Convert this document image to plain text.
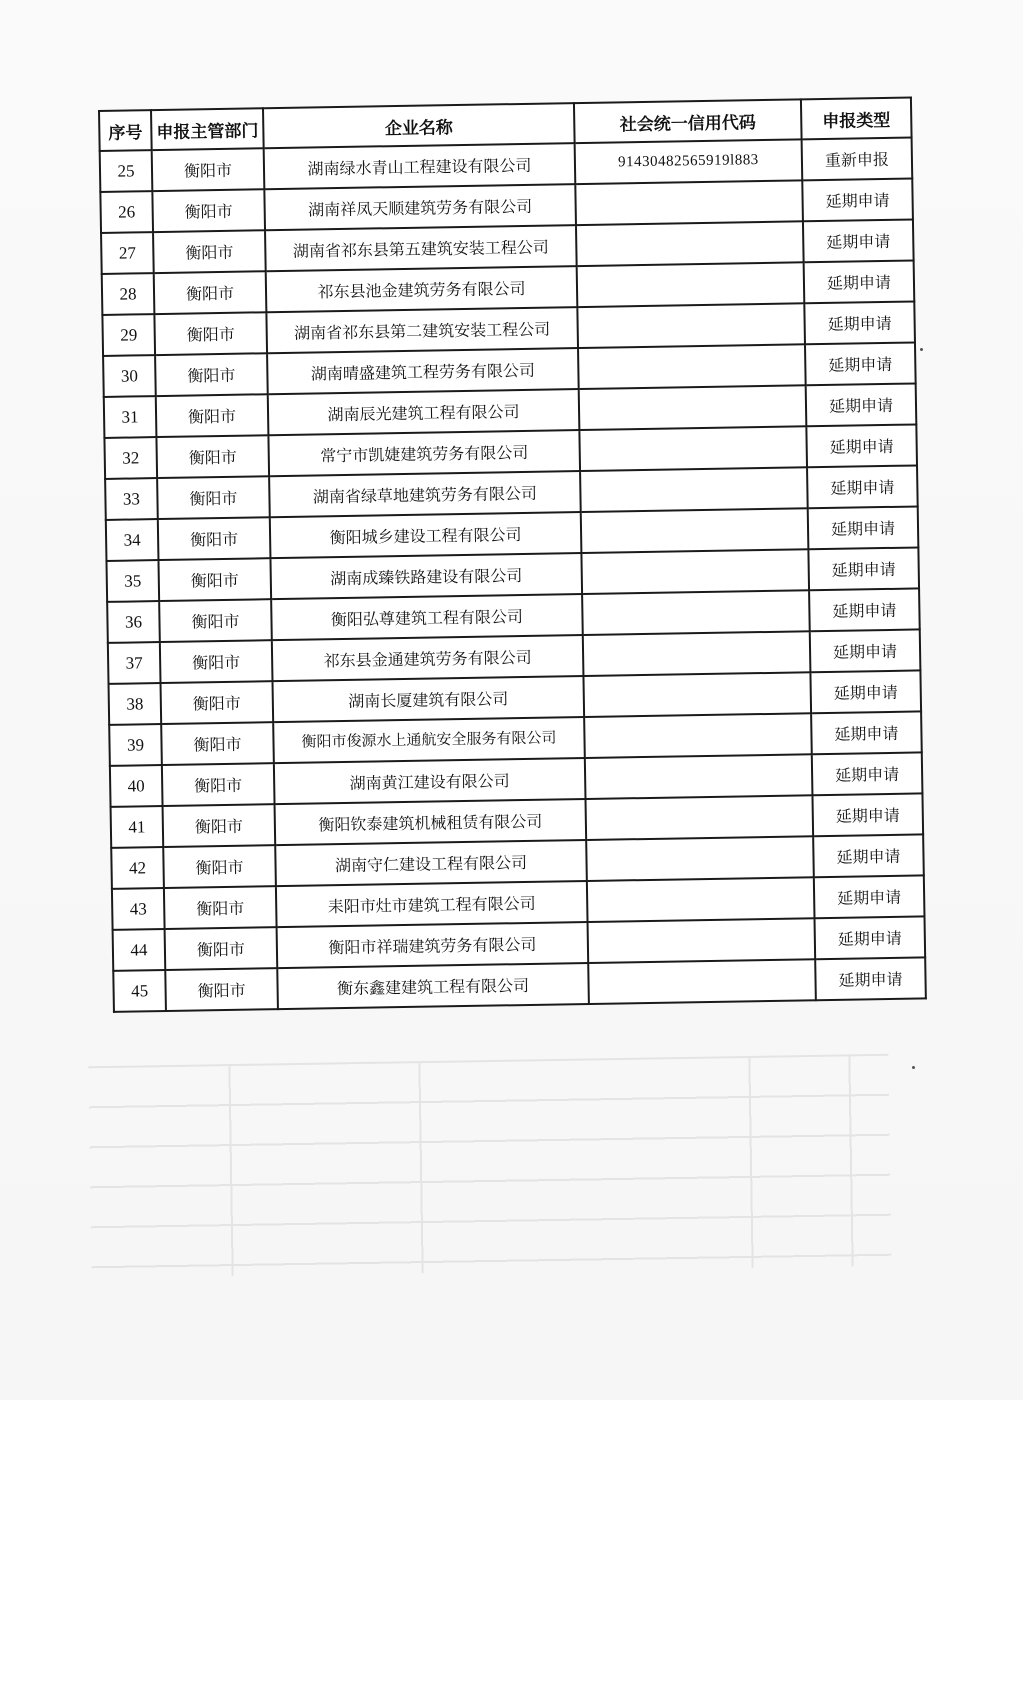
序号	申报主管部门	企业名称	社会统一信用代码	申报类型
25	衡阳市	湖南绿水青山工程建设有限公司	91430482565919l883	重新申报
26	衡阳市	湖南祥凤天顺建筑劳务有限公司		延期申请
27	衡阳市	湖南省祁东县第五建筑安装工程公司		延期申请
28	衡阳市	祁东县池金建筑劳务有限公司		延期申请
29	衡阳市	湖南省祁东县第二建筑安装工程公司		延期申请
30	衡阳市	湖南晴盛建筑工程劳务有限公司		延期申请
31	衡阳市	湖南辰光建筑工程有限公司		延期申请
32	衡阳市	常宁市凯婕建筑劳务有限公司		延期申请
33	衡阳市	湖南省绿草地建筑劳务有限公司		延期申请
34	衡阳市	衡阳城乡建设工程有限公司		延期申请
35	衡阳市	湖南成臻铁路建设有限公司		延期申请
36	衡阳市	衡阳弘尊建筑工程有限公司		延期申请
37	衡阳市	祁东县金通建筑劳务有限公司		延期申请
38	衡阳市	湖南长厦建筑有限公司		延期申请
39	衡阳市	衡阳市俊源水上通航安全服务有限公司		延期申请
40	衡阳市	湖南黄江建设有限公司		延期申请
41	衡阳市	衡阳钦泰建筑机械租赁有限公司		延期申请
42	衡阳市	湖南守仁建设工程有限公司		延期申请
43	衡阳市	耒阳市灶市建筑工程有限公司		延期申请
44	衡阳市	衡阳市祥瑞建筑劳务有限公司		延期申请
45	衡阳市	衡东鑫建建筑工程有限公司		延期申请
